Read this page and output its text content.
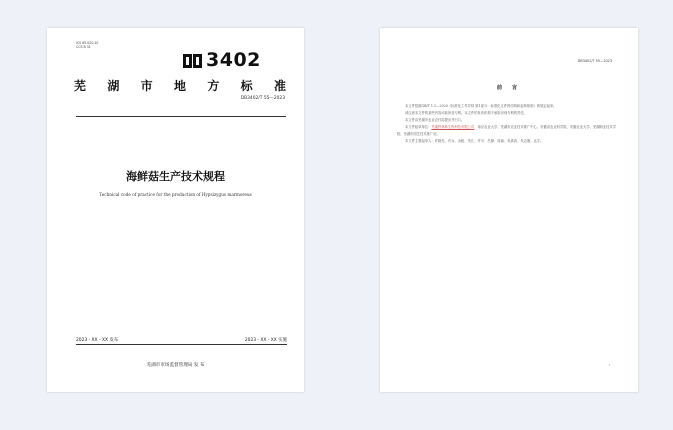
ICS 65.020.20
CCS B 31
3402
芜 湖 市 地 方 标 准
DB3402/T 55—2023
海鲜菇生产技术规程
Technical code of practice for the production of Hypsizygus marmoreus
2023 - XX - XX 发布	2023 - XX - XX 实施
芜湖市市场监督管理局 发 布
DB3402/T 55—2023
前 言

本文件按照GB/T 1.1—2020《标准化工作导则 第1部分：标准化文件的结构和起草规则》的规定起草。

请注意本文件的某些内容可能涉及专利。本文件的发布机构不承担识别专利的责任。

本文件由芜湖市农业农村局提出并归口。

本文件起草单位：芜湖野林林生物科技有限公司、南京农业大学、芜湖市农业技术推广中心、安徽省农业科学院、安徽农业大学、芜湖职业技术学院、芜湖市园艺技术推广站。

本文件主要起草人：许晓光、许兵、余秘、朱江、许平、吕静、周丽、吴真真、朱志刚、孟宇。

I
